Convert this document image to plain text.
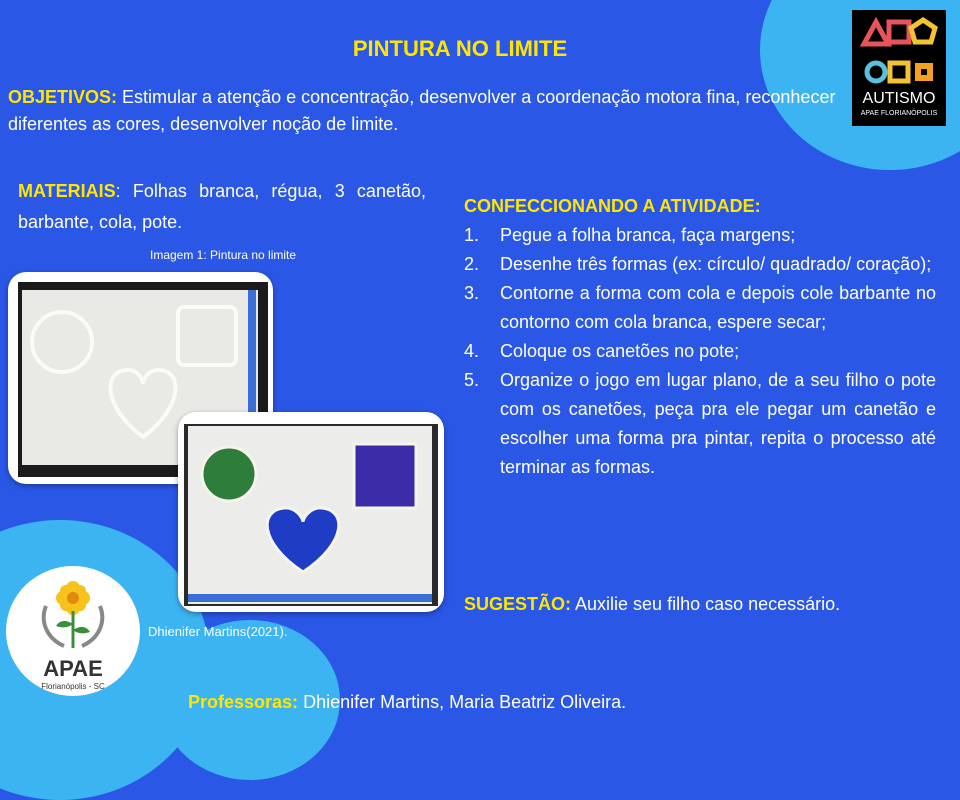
PINTURA NO LIMITE
AUTISMO
APAE FLORIANÓPOLIS
OBJETIVOS: Estimular a atenção e concentração, desenvolver a coordenação motora fina, reconhecer diferentes as cores, desenvolver noção de limite.
MATERIAIS: Folhas branca, régua, 3 canetão, barbante, cola, pote.
Imagem 1: Pintura no limite
Dhienifer Martins(2021).
CONFECCIONANDO A ATIVIDADE:
1.	Pegue a folha branca, faça margens;
2.	Desenhe três formas (ex: círculo/ quadrado/ coração);
3.	Contorne a forma com cola e depois cole barbante no contorno com cola branca, espere secar;
4.	Coloque os canetões no pote;
5.	Organize o jogo em lugar plano, de a seu filho o pote com os canetões, peça pra ele pegar um canetão e escolher uma forma pra pintar, repita o processo até terminar as formas.
SUGESTÃO: Auxilie seu filho caso necessário.
APAE
Florianópolis - SC
Professoras: Dhienifer Martins, Maria Beatriz Oliveira.
